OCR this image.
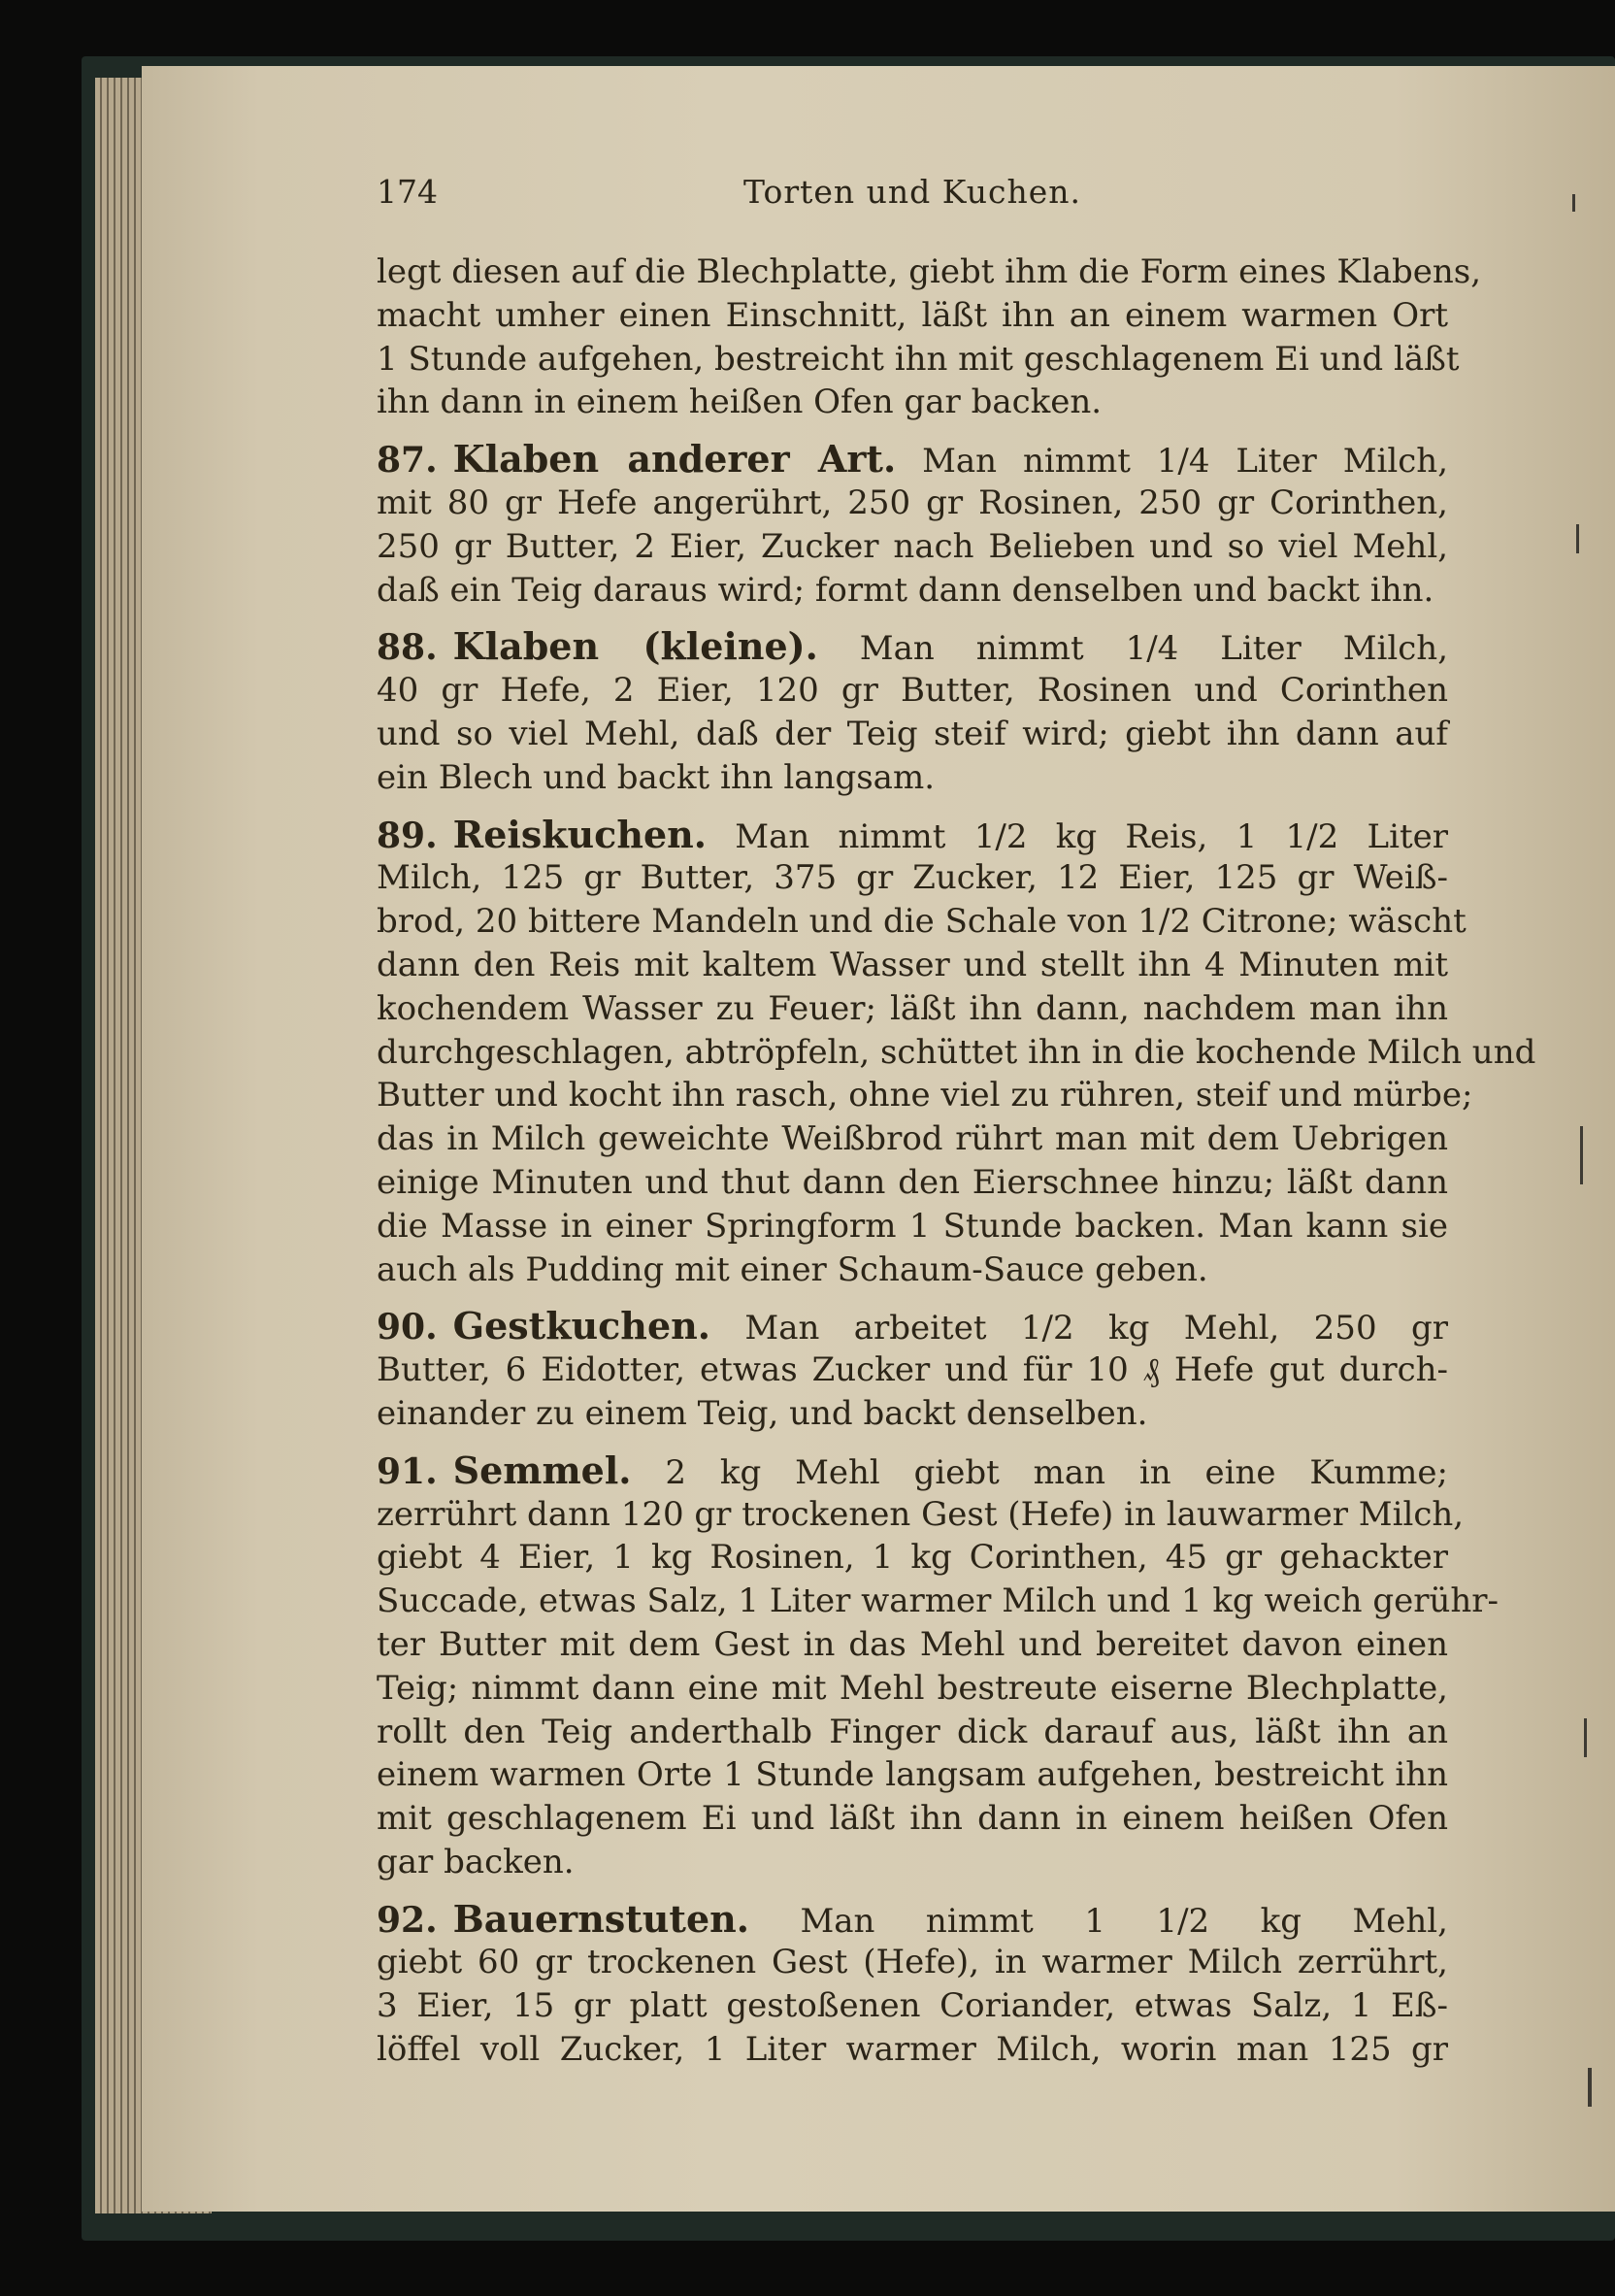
174	Torten und Kuchen.
legt diesen auf die Blechplatte, giebt ihm die Form eines Klabens,
macht umher einen Einschnitt, läßt ihn an einem warmen Ort
1 Stunde aufgehen, bestreicht ihn mit geschlagenem Ei und läßt
ihn dann in einem heißen Ofen gar backen.
87. Klaben anderer Art. Man nimmt 1/4 Liter Milch,
mit 80 gr Hefe angerührt, 250 gr Rosinen, 250 gr Corinthen,
250 gr Butter, 2 Eier, Zucker nach Belieben und so viel Mehl,
daß ein Teig daraus wird; formt dann denselben und backt ihn.
88. Klaben (kleine). Man nimmt 1/4 Liter Milch,
40 gr Hefe, 2 Eier, 120 gr Butter, Rosinen und Corinthen
und so viel Mehl, daß der Teig steif wird; giebt ihn dann auf
ein Blech und backt ihn langsam.
89. Reiskuchen. Man nimmt 1/2 kg Reis, 1 1/2 Liter
Milch, 125 gr Butter, 375 gr Zucker, 12 Eier, 125 gr Weiß-
brod, 20 bittere Mandeln und die Schale von 1/2 Citrone; wäscht
dann den Reis mit kaltem Wasser und stellt ihn 4 Minuten mit
kochendem Wasser zu Feuer; läßt ihn dann, nachdem man ihn
durchgeschlagen, abtröpfeln, schüttet ihn in die kochende Milch und
Butter und kocht ihn rasch, ohne viel zu rühren, steif und mürbe;
das in Milch geweichte Weißbrod rührt man mit dem Uebrigen
einige Minuten und thut dann den Eierschnee hinzu; läßt dann
die Masse in einer Springform 1 Stunde backen. Man kann sie
auch als Pudding mit einer Schaum-Sauce geben.
90. Gestkuchen. Man arbeitet 1/2 kg Mehl, 250 gr
Butter, 6 Eidotter, etwas Zucker und für 10 ₰ Hefe gut durch-
einander zu einem Teig, und backt denselben.
91. Semmel. 2 kg Mehl giebt man in eine Kumme;
zerrührt dann 120 gr trockenen Gest (Hefe) in lauwarmer Milch,
giebt 4 Eier, 1 kg Rosinen, 1 kg Corinthen, 45 gr gehackter
Succade, etwas Salz, 1 Liter warmer Milch und 1 kg weich gerühr-
ter Butter mit dem Gest in das Mehl und bereitet davon einen
Teig; nimmt dann eine mit Mehl bestreute eiserne Blechplatte,
rollt den Teig anderthalb Finger dick darauf aus, läßt ihn an
einem warmen Orte 1 Stunde langsam aufgehen, bestreicht ihn
mit geschlagenem Ei und läßt ihn dann in einem heißen Ofen
gar backen.
92. Bauernstuten. Man nimmt 1 1/2 kg Mehl,
giebt 60 gr trockenen Gest (Hefe), in warmer Milch zerrührt,
3 Eier, 15 gr platt gestoßenen Coriander, etwas Salz, 1 Eß-
löffel voll Zucker, 1 Liter warmer Milch, worin man 125 gr
